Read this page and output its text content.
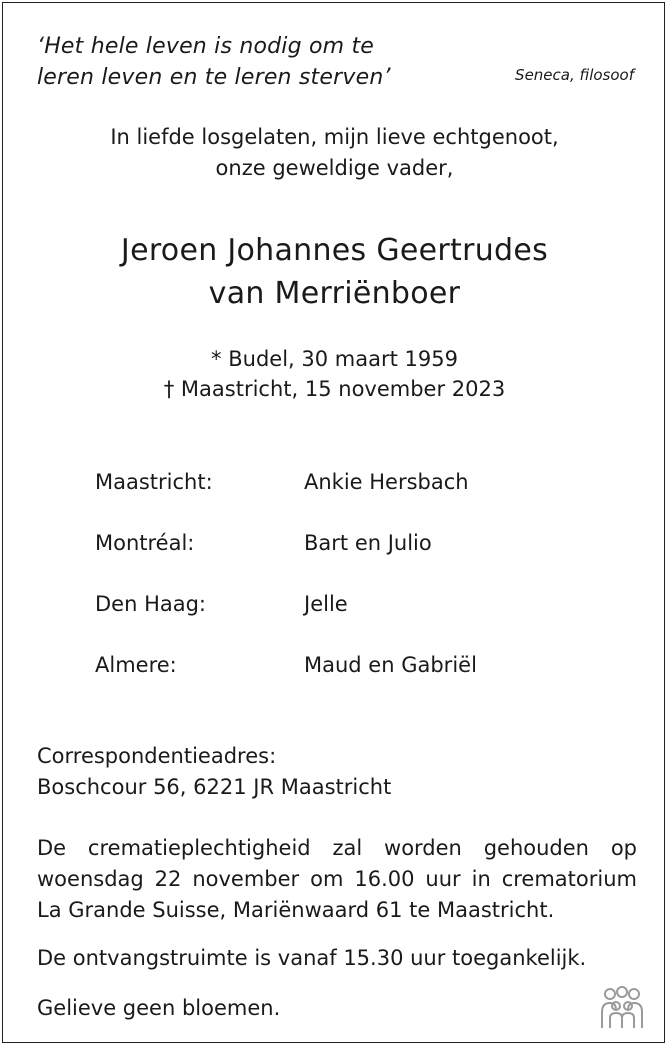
‘Het hele leven is nodig om te
leren leven en te leren sterven’	Seneca, filosoof
In liefde losgelaten, mijn lieve echtgenoot,
onze geweldige vader,
Jeroen Johannes Geertrudes
van Merriënboer
* Budel, 30 maart 1959
† Maastricht, 15 november 2023
Maastricht:	Ankie Hersbach
Montréal:	Bart en Julio
Den Haag:	Jelle
Almere:	Maud en Gabriël
Correspondentieadres:
Boschcour 56, 6221 JR Maastricht
De crematieplechtigheid zal worden gehouden op
woensdag 22 november om 16.00 uur in crematorium
La Grande Suisse, Mariënwaard 61 te Maastricht.
De ontvangstruimte is vanaf 15.30 uur toegankelijk.
Gelieve geen bloemen.
